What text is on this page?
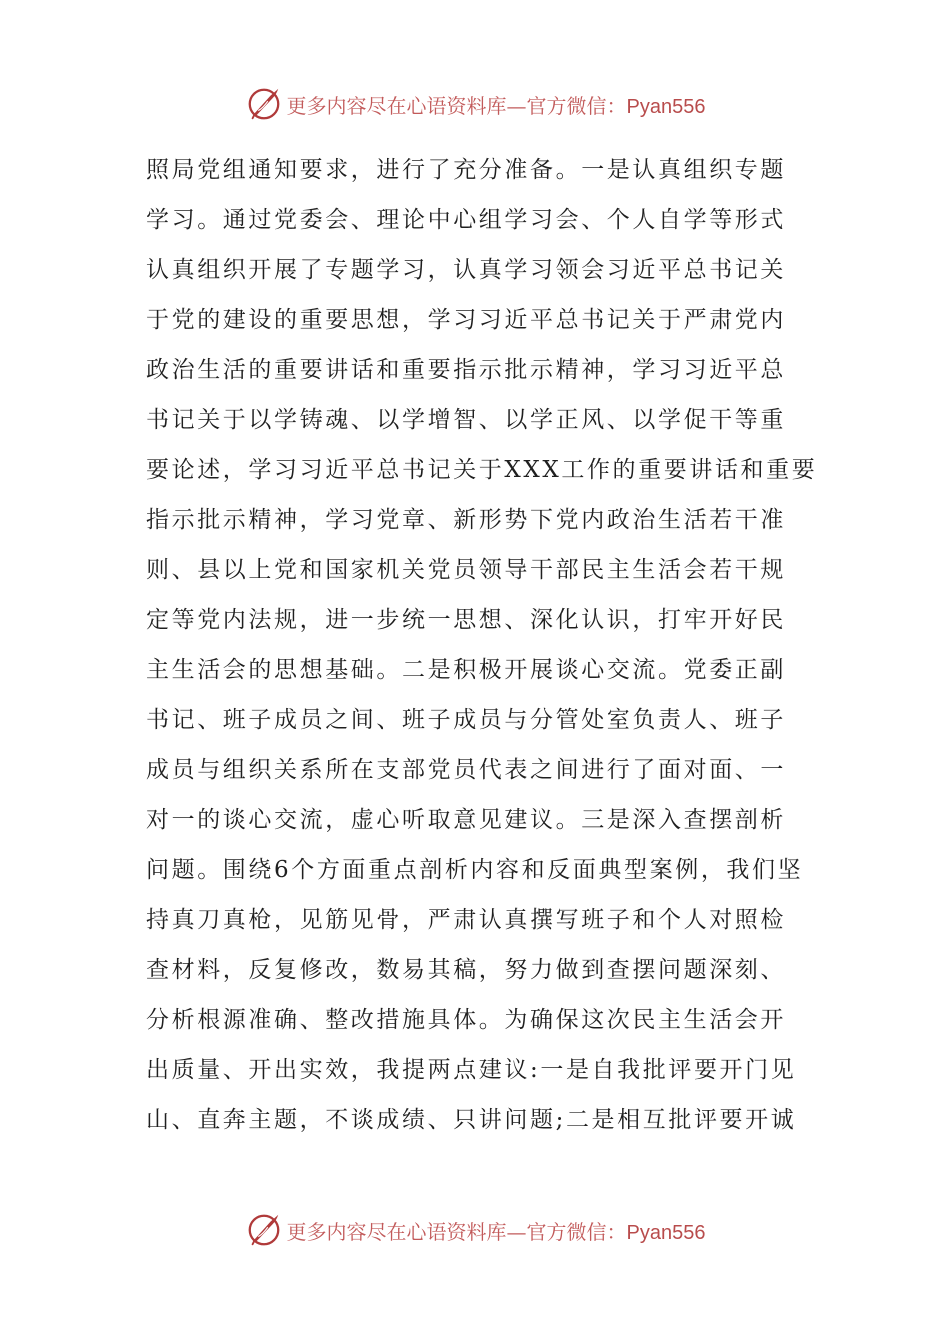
更多内容尽在心语资料库—官方微信：Pyan556
照局党组通知要求，进行了充分准备。一是认真组织专题
学习。通过党委会、理论中心组学习会、个人自学等形式
认真组织开展了专题学习，认真学习领会习近平总书记关
于党的建设的重要思想，学习习近平总书记关于严肃党内
政治生活的重要讲话和重要指示批示精神，学习习近平总
书记关于以学铸魂、以学增智、以学正风、以学促干等重
要论述，学习习近平总书记关于XXX工作的重要讲话和重要
指示批示精神，学习党章、新形势下党内政治生活若干准
则、县以上党和国家机关党员领导干部民主生活会若干规
定等党内法规，进一步统一思想、深化认识，打牢开好民
主生活会的思想基础。二是积极开展谈心交流。党委正副
书记、班子成员之间、班子成员与分管处室负责人、班子
成员与组织关系所在支部党员代表之间进行了面对面、一
对一的谈心交流，虚心听取意见建议。三是深入查摆剖析
问题。围绕6个方面重点剖析内容和反面典型案例，我们坚
持真刀真枪，见筋见骨，严肃认真撰写班子和个人对照检
查材料，反复修改，数易其稿，努力做到查摆问题深刻、
分析根源准确、整改措施具体。为确保这次民主生活会开
出质量、开出实效，我提两点建议:一是自我批评要开门见
山、直奔主题，不谈成绩、只讲问题;二是相互批评要开诚
更多内容尽在心语资料库—官方微信：Pyan556
